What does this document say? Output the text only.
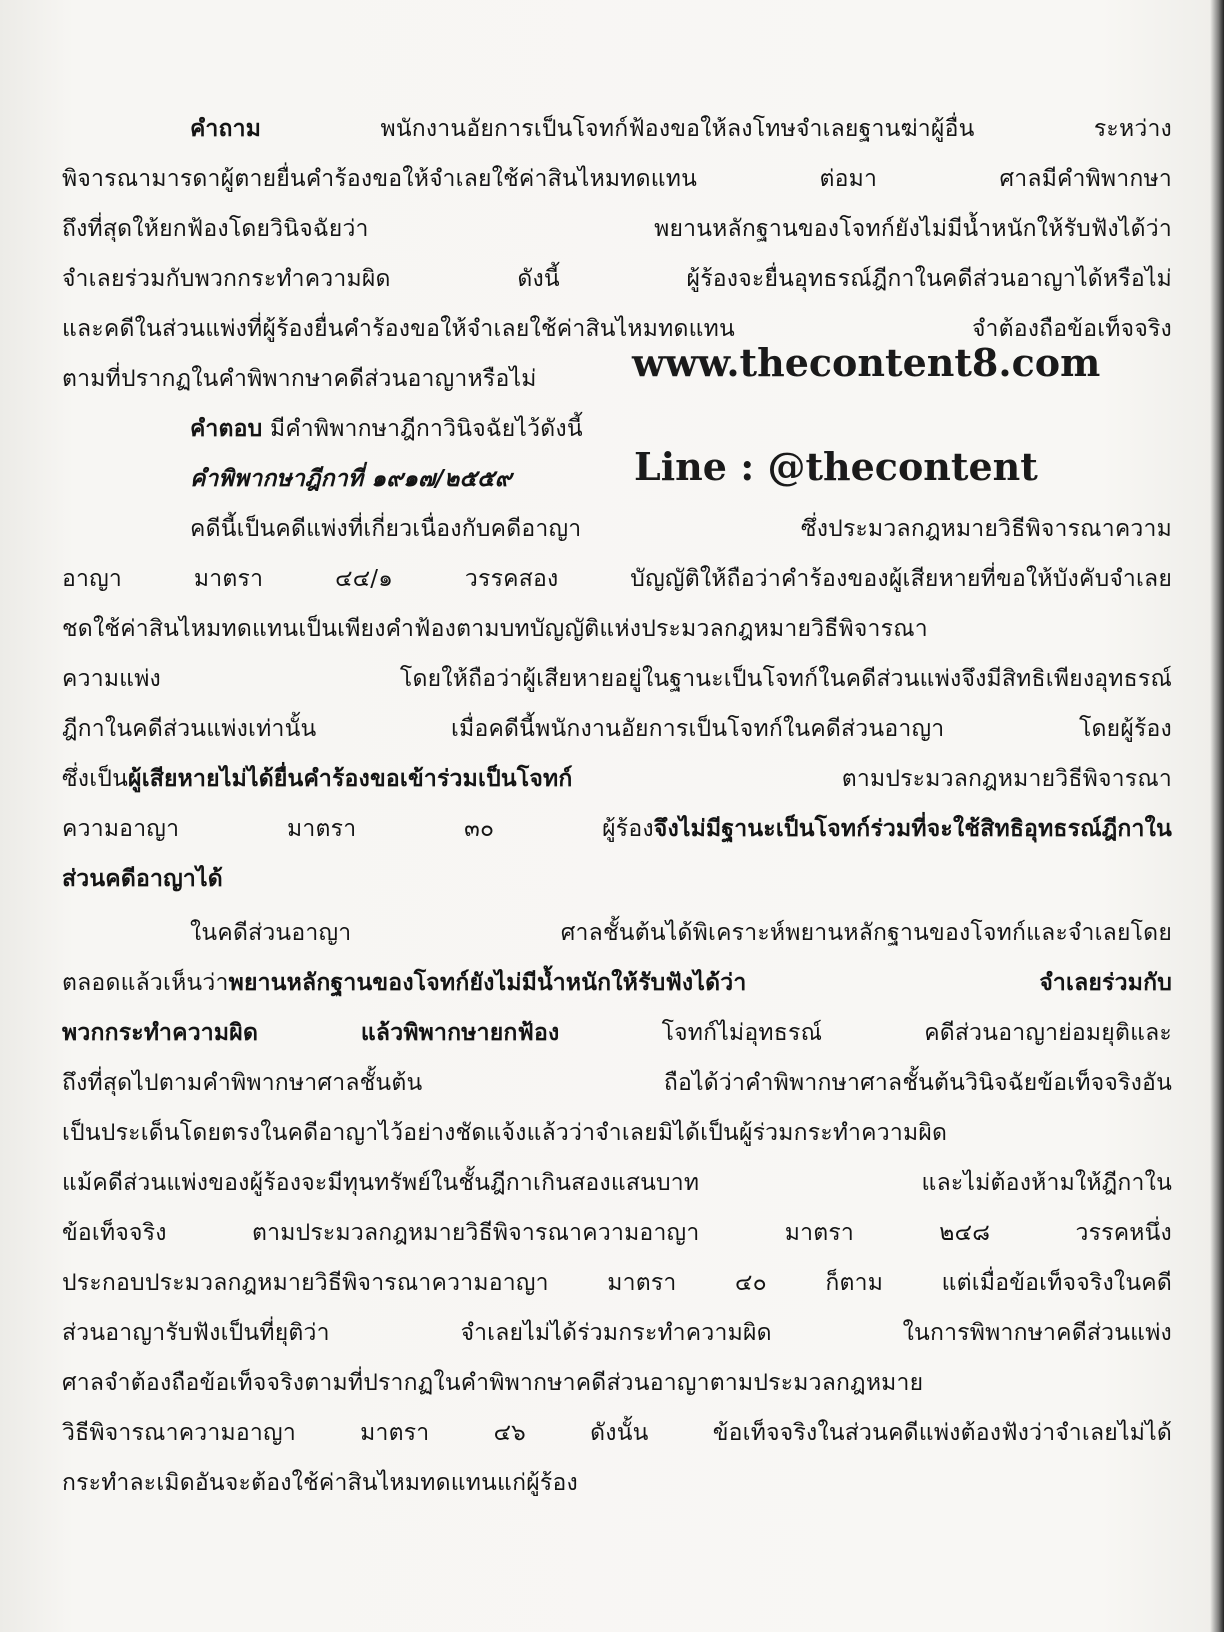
คำถาม	พนักงานอัยการเป็นโจทก์ฟ้องขอให้ลงโทษจำเลยฐานฆ่าผู้อื่น ระหว่าง
พิจารณามารดาผู้ตายยื่นคำร้องขอให้จำเลยใช้ค่าสินไหมทดแทน ต่อมา ศาลมีคำพิพากษา
ถึงที่สุดให้ยกฟ้องโดยวินิจฉัยว่า พยานหลักฐานของโจทก์ยังไม่มีน้ำหนักให้รับฟังได้ว่า
จำเลยร่วมกับพวกกระทำความผิด ดังนี้ ผู้ร้องจะยื่นอุทธรณ์ฎีกาในคดีส่วนอาญาได้หรือไม่
และคดีในส่วนแพ่งที่ผู้ร้องยื่นคำร้องขอให้จำเลยใช้ค่าสินไหมทดแทน จำต้องถือข้อเท็จจริง
ตามที่ปรากฏในคำพิพากษาคดีส่วนอาญาหรือไม่
คำตอบ มีคำพิพากษาฎีกาวินิจฉัยไว้ดังนี้
คำพิพากษาฎีกาที่ ๑๙๑๗/๒๕๕๙
คดีนี้เป็นคดีแพ่งที่เกี่ยวเนื่องกับคดีอาญา ซึ่งประมวลกฎหมายวิธีพิจารณาความ
อาญา มาตรา ๔๔/๑ วรรคสอง บัญญัติให้ถือว่าคำร้องของผู้เสียหายที่ขอให้บังคับจำเลย
ชดใช้ค่าสินไหมทดแทนเป็นเพียงคำฟ้องตามบทบัญญัติแห่งประมวลกฎหมายวิธีพิจารณา
ความแพ่ง โดยให้ถือว่าผู้เสียหายอยู่ในฐานะเป็นโจทก์ในคดีส่วนแพ่งจึงมีสิทธิเพียงอุทธรณ์
ฎีกาในคดีส่วนแพ่งเท่านั้น เมื่อคดีนี้พนักงานอัยการเป็นโจทก์ในคดีส่วนอาญา โดยผู้ร้อง
ซึ่งเป็นผู้เสียหายไม่ได้ยื่นคำร้องขอเข้าร่วมเป็นโจทก์ ตามประมวลกฎหมายวิธีพิจารณา
ความอาญา มาตรา ๓๐ ผู้ร้องจึงไม่มีฐานะเป็นโจทก์ร่วมที่จะใช้สิทธิอุทธรณ์ฎีกาใน
ส่วนคดีอาญาได้
ในคดีส่วนอาญา ศาลชั้นต้นได้พิเคราะห์พยานหลักฐานของโจทก์และจำเลยโดย
ตลอดแล้วเห็นว่าพยานหลักฐานของโจทก์ยังไม่มีน้ำหนักให้รับฟังได้ว่า จำเลยร่วมกับ
พวกกระทำความผิด แล้วพิพากษายกฟ้อง โจทก์ไม่อุทธรณ์ คดีส่วนอาญาย่อมยุติและ
ถึงที่สุดไปตามคำพิพากษาศาลชั้นต้น ถือได้ว่าคำพิพากษาศาลชั้นต้นวินิจฉัยข้อเท็จจริงอัน
เป็นประเด็นโดยตรงในคดีอาญาไว้อย่างชัดแจ้งแล้วว่าจำเลยมิได้เป็นผู้ร่วมกระทำความผิด
แม้คดีส่วนแพ่งของผู้ร้องจะมีทุนทรัพย์ในชั้นฎีกาเกินสองแสนบาท และไม่ต้องห้ามให้ฎีกาใน
ข้อเท็จจริง ตามประมวลกฎหมายวิธีพิจารณาความอาญา มาตรา ๒๔๘ วรรคหนึ่ง
ประกอบประมวลกฎหมายวิธีพิจารณาความอาญา มาตรา ๔๐ ก็ตาม แต่เมื่อข้อเท็จจริงในคดี
ส่วนอาญารับฟังเป็นที่ยุติว่า จำเลยไม่ได้ร่วมกระทำความผิด ในการพิพากษาคดีส่วนแพ่ง
ศาลจำต้องถือข้อเท็จจริงตามที่ปรากฏในคำพิพากษาคดีส่วนอาญาตามประมวลกฎหมาย
วิธีพิจารณาความอาญา มาตรา ๔๖ ดังนั้น ข้อเท็จจริงในส่วนคดีแพ่งต้องฟังว่าจำเลยไม่ได้
กระทำละเมิดอันจะต้องใช้ค่าสินไหมทดแทนแก่ผู้ร้อง
www.thecontent8.com
Line : @thecontent
